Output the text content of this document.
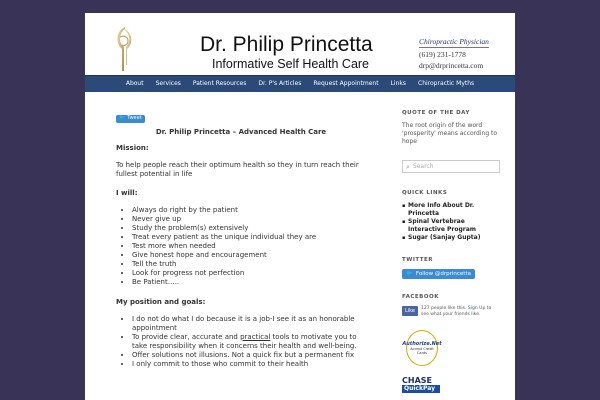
Dr. Philip Princetta
Informative Self Health Care
Chiropractic Physician
(619) 231-1778
drp@drprincetta.com
About	Services	Patient Resources	Dr. P's Articles	Request Appointment	Links	Chiropractic Myths
🐦 Tweet
Dr. Philip Princetta – Advanced Health Care
Mission:
To help people reach their optimum health so they in turn reach their fullest potential in life
I will:
• Always do right by the patient
• Never give up
• Study the problem(s) extensively
• Treat every patient as the unique individual they are
• Test more when needed
• Give honest hope and encouragement
• Tell the truth
• Look for progress not perfection
• Be Patient…..
My position and goals:
• I do not do what I do because it is a job-I see it as an honorable appointment
• To provide clear, accurate and practical tools to motivate you to take responsibility when it concerns their health and well-being.
• Offer solutions not illusions. Not a quick fix but a permanent fix
• I only commit to those who commit to their health
QUOTE OF THE DAY
The root origin of the word 'prosperity' means according to hope
⌕ Search
QUICK LINKS
▪ More Info About Dr. Princetta
▪ Spinal Vertebrae Interactive Program
▪ Sugar (Sanjay Gupta)
TWITTER
🐦 Follow @drprincetta
FACEBOOK
Like	127 people like this. Sign Up to see what your friends like.
Authorize.Net
Accept Credit Cards
CHASE
QuickPay
